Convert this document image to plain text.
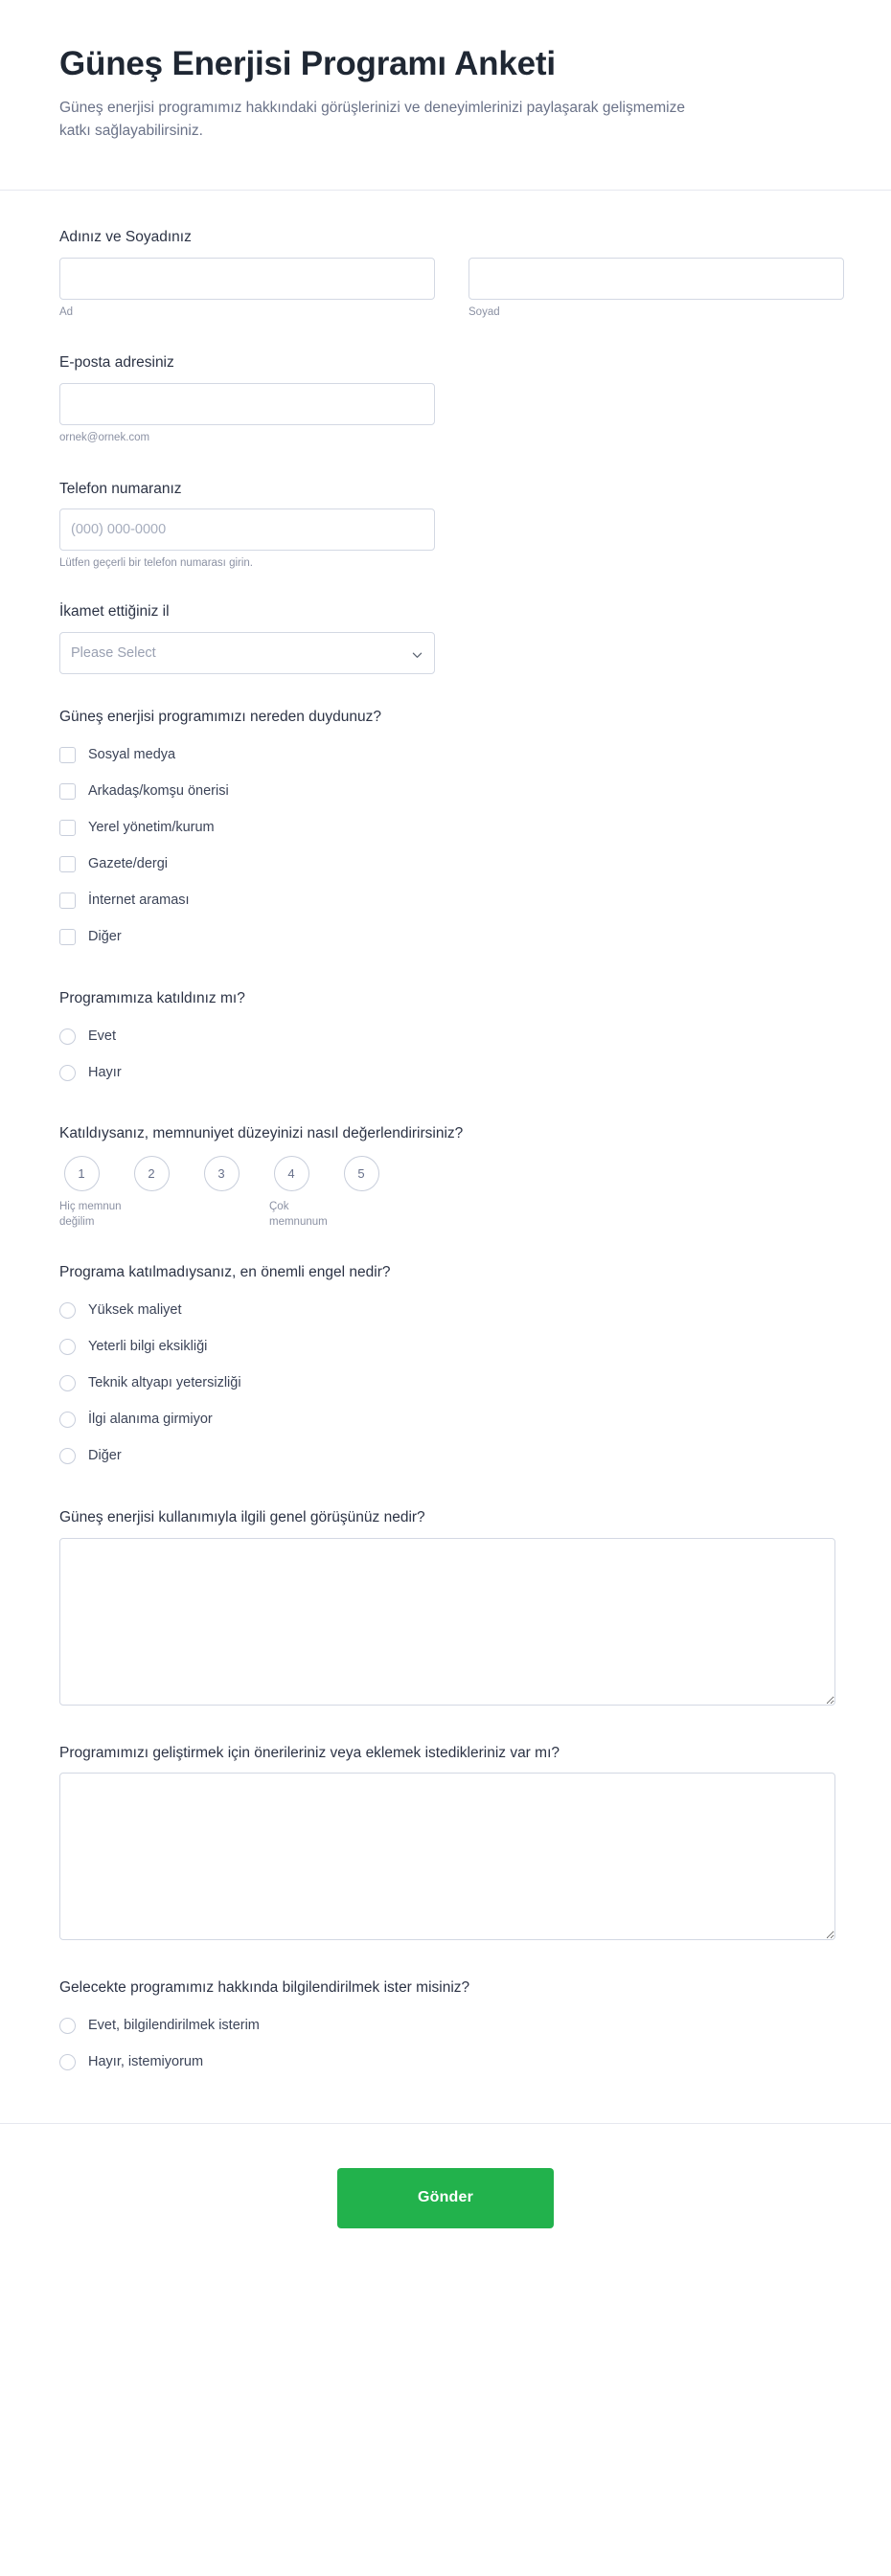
Güneş Enerjisi Programı Anketi

Güneş enerjisi programımız hakkındaki görüşlerinizi ve deneyimlerinizi paylaşarak gelişmemize katkı sağlayabilirsiniz.

Adınız ve Soyadınız
Ad	Soyad
E-posta adresiniz
ornek@ornek.com
Telefon numaranız
(000) 000-0000
Lütfen geçerli bir telefon numarası girin.
İkamet ettiğiniz il
Please Select
Güneş enerjisi programımızı nereden duydunuz?
Sosyal medya
Arkadaş/komşu önerisi
Yerel yönetim/kurum
Gazete/dergi
İnternet araması
Diğer
Programımıza katıldınız mı?
Evet
Hayır
Katıldıysanız, memnuniyet düzeyinizi nasıl değerlendirirsiniz?
1
Hiç memnun değilim
2	3	4
Çok memnunum
5
Programa katılmadıysanız, en önemli engel nedir?
Yüksek maliyet
Yeterli bilgi eksikliği
Teknik altyapı yetersizliği
İlgi alanıma girmiyor
Diğer
Güneş enerjisi kullanımıyla ilgili genel görüşünüz nedir?
Programımızı geliştirmek için önerileriniz veya eklemek istedikleriniz var mı?
Gelecekte programımız hakkında bilgilendirilmek ister misiniz?
Evet, bilgilendirilmek isterim
Hayır, istemiyorum
Gönder
